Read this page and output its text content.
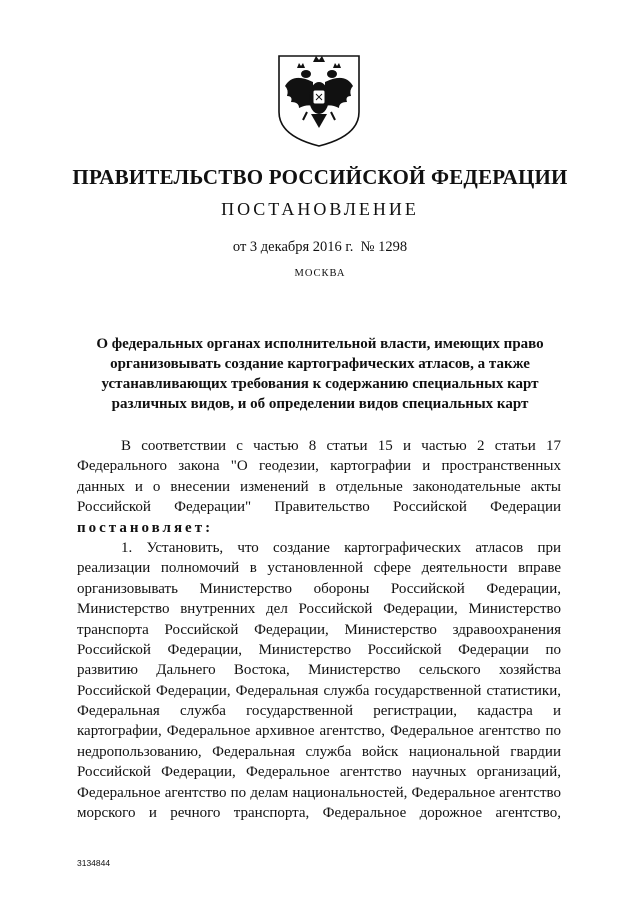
ПРАВИТЕЛЬСТВО РОССИЙСКОЙ ФЕДЕРАЦИИ
ПОСТАНОВЛЕНИЕ
от 3 декабря 2016 г. № 1298
МОСКВА
О федеральных органах исполнительной власти, имеющих право
организовывать создание картографических атласов, а также
устанавливающих требования к содержанию специальных карт
различных видов, и об определении видов специальных карт
В соответствии с частью 8 статьи 15 и частью 2 статьи 17
Федерального закона "О геодезии, картографии и пространственных
данных и о внесении изменений в отдельные законодательные акты
Российской Федерации" Правительство Российской Федерации
постановляет:
1. Установить, что создание картографических атласов при
реализации полномочий в установленной сфере деятельности вправе
организовывать Министерство обороны Российской Федерации,
Министерство внутренних дел Российской Федерации, Министерство
транспорта Российской Федерации, Министерство здравоохранения
Российской Федерации, Министерство Российской Федерации по
развитию Дальнего Востока, Министерство сельского хозяйства
Российской Федерации, Федеральная служба государственной статистики,
Федеральная служба государственной регистрации, кадастра и
картографии, Федеральное архивное агентство, Федеральное агентство по
недропользованию, Федеральная служба войск национальной гвардии
Российской Федерации, Федеральное агентство научных организаций,
Федеральное агентство по делам национальностей, Федеральное агентство
морского и речного транспорта, Федеральное дорожное агентство,
3134844
